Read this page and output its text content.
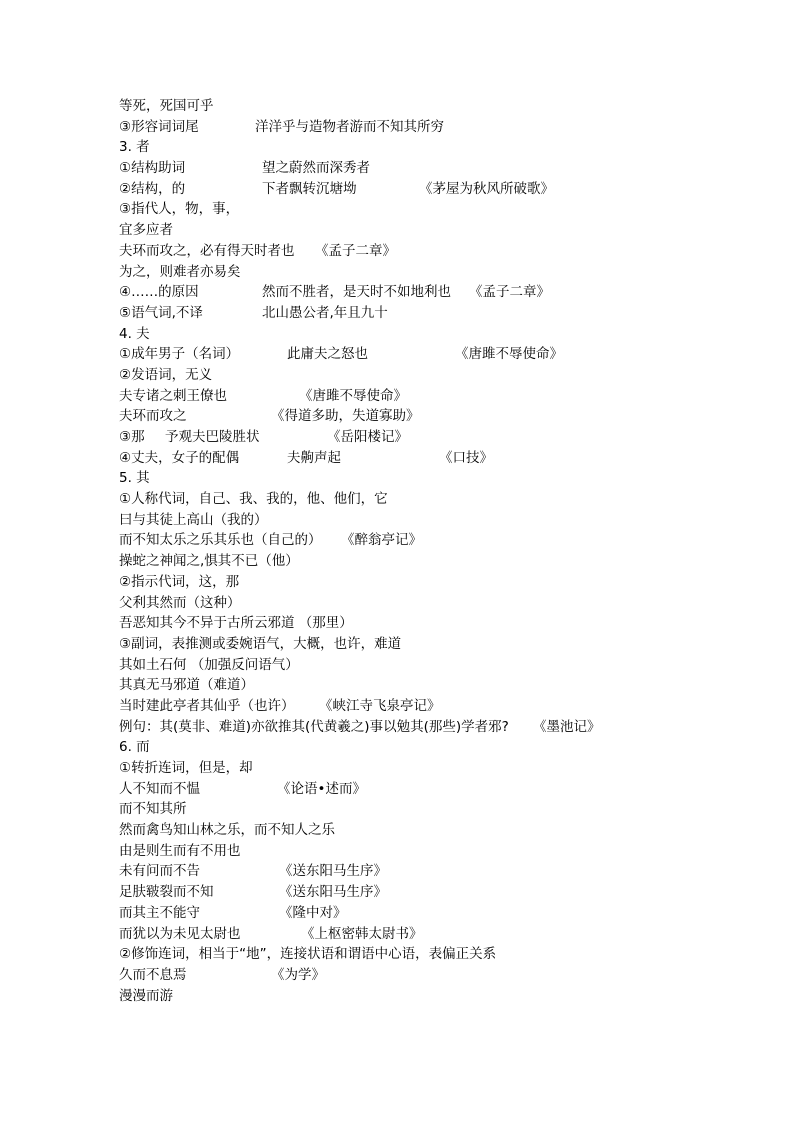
等死，死国可乎
③形容词词尾	洋洋乎与造物者游而不知其所穷
3. 者
①结构助词	望之蔚然而深秀者
②结构，的	下者飘转沉塘坳	《茅屋为秋风所破歌》
③指代人，物，事，
宜多应者
夫环而攻之，必有得天时者也 《孟子二章》
为之，则难者亦易矣
④……的原因	然而不胜者，是天时不如地利也 《孟子二章》
⑤语气词,不译	北山愚公者,年且九十
4. 夫
①成年男子（名词）	此庸夫之怒也	《唐雎不辱使命》
②发语词，无义
夫专诸之刺王僚也	《唐雎不辱使命》
夫环而攻之	《得道多助，失道寡助》
③那 予观夫巴陵胜状	《岳阳楼记》
④丈夫，女子的配偶	夫齁声起	《口技》
5. 其
①人称代词，自己、我、我的，他、他们，它
曰与其徒上高山（我的）
而不知太乐之乐其乐也（自己的） 《醉翁亭记》
操蛇之神闻之,惧其不已（他）
②指示代词，这，那
父利其然而（这种）
吾恶知其今不异于古所云邪道 （那里）
③副词，表推测或委婉语气，大概，也许，难道
其如土石何 （加强反问语气）
其真无马邪道（难道）
当时建此亭者其仙乎（也许） 《峡江寺飞泉亭记》
例句：其(莫非、难道)亦欲推其(代黄羲之)事以勉其(那些)学者邪? 《墨池记》
6. 而
①转折连词，但是，却
人不知而不愠	《论语•述而》
而不知其所
然而禽鸟知山林之乐，而不知人之乐
由是则生而有不用也
未有问而不告	《送东阳马生序》
足肤皲裂而不知	《送东阳马生序》
而其主不能守	《隆中对》
而犹以为未见太尉也	《上枢密韩太尉书》
②修饰连词，相当于“地”，连接状语和谓语中心语，表偏正关系
久而不息焉	《为学》
漫漫而游
